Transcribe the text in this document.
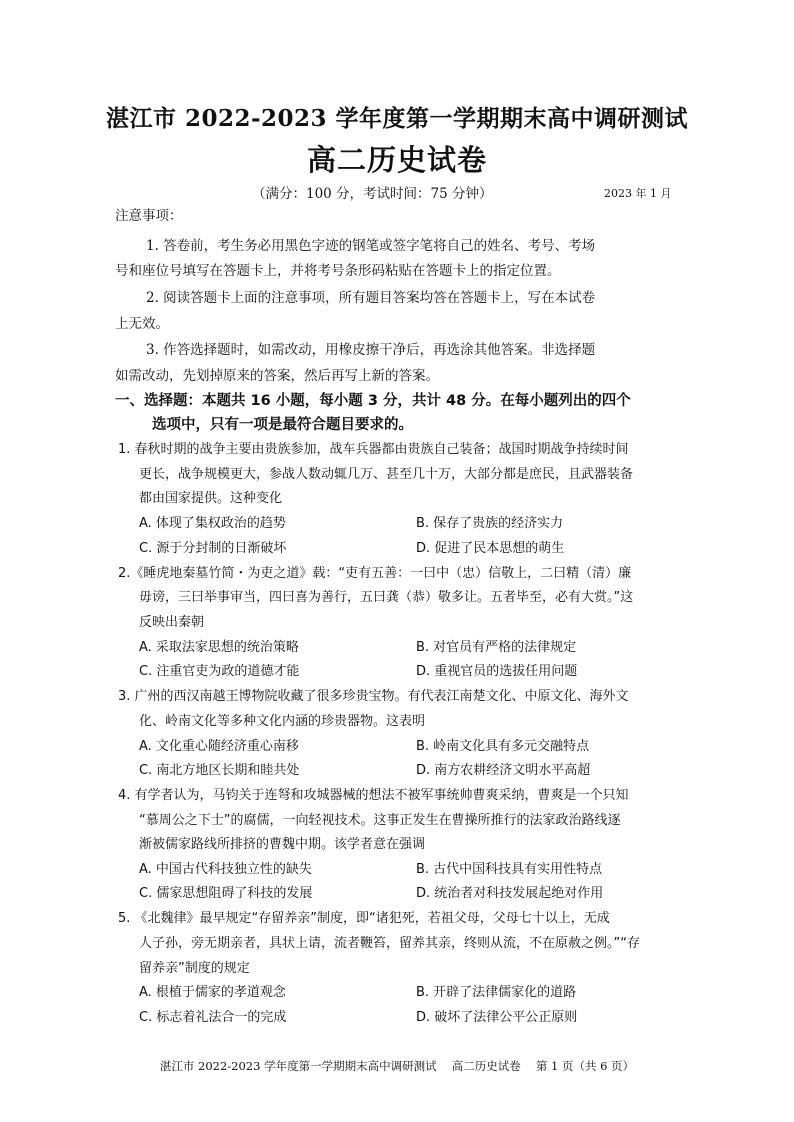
湛江市 2022-2023 学年度第一学期期末高中调研测试
高二历史试卷
（满分：100 分，考试时间：75 分钟）	2023 年 1 月
注意事项：
1. 答卷前，考生务必用黑色字迹的钢笔或签字笔将自己的姓名、考号、考场
号和座位号填写在答题卡上，并将考号条形码粘贴在答题卡上的指定位置。
2. 阅读答题卡上面的注意事项，所有题目答案均答在答题卡上，写在本试卷
上无效。
3. 作答选择题时，如需改动，用橡皮擦干净后，再选涂其他答案。非选择题
如需改动，先划掉原来的答案，然后再写上新的答案。
一、选择题：本题共 16 小题，每小题 3 分，共计 48 分。在每小题列出的四个
选项中，只有一项是最符合题目要求的。
1. 春秋时期的战争主要由贵族参加，战车兵器都由贵族自己装备；战国时期战争持续时间
更长，战争规模更大，参战人数动辄几万、甚至几十万，大部分都是庶民，且武器装备
都由国家提供。这种变化
A. 体现了集权政治的趋势	B. 保存了贵族的经济实力
C. 源于分封制的日渐破坏	D. 促进了民本思想的萌生
2.《睡虎地秦墓竹简・为吏之道》载：“吏有五善：一曰中（忠）信敬上，二曰精（清）廉
毋谤，三曰举事审当，四曰喜为善行，五曰龚（恭）敬多让。五者毕至，必有大赏。”这
反映出秦朝
A. 采取法家思想的统治策略	B. 对官员有严格的法律规定
C. 注重官吏为政的道德才能	D. 重视官员的选拔任用问题
3. 广州的西汉南越王博物院收藏了很多珍贵宝物。有代表江南楚文化、中原文化、海外文
化、岭南文化等多种文化内涵的珍贵器物。这表明
A. 文化重心随经济重心南移	B. 岭南文化具有多元交融特点
C. 南北方地区长期和睦共处	D. 南方农耕经济文明水平高超
4. 有学者认为，马钧关于连弩和攻城器械的想法不被军事统帅曹爽采纳，曹爽是一个只知
“慕周公之下士”的腐儒，一向轻视技术。这事正发生在曹操所推行的法家政治路线逐
渐被儒家路线所排挤的曹魏中期。该学者意在强调
A. 中国古代科技独立性的缺失	B. 古代中国科技具有实用性特点
C. 儒家思想阻碍了科技的发展	D. 统治者对科技发展起绝对作用
5. 《北魏律》最早规定“存留养亲”制度，即“诸犯死，若祖父母，父母七十以上，无成
人子孙，旁无期亲者，具状上请，流者鞭笞，留养其亲，终则从流，不在原赦之例。”“存
留养亲”制度的规定
A. 根植于儒家的孝道观念	B. 开辟了法律儒家化的道路
C. 标志着礼法合一的完成	D. 破坏了法律公平公正原则
湛江市 2022-2023 学年度第一学期期末高中调研测试　 高二历史试卷　 第 1 页（共 6 页）
